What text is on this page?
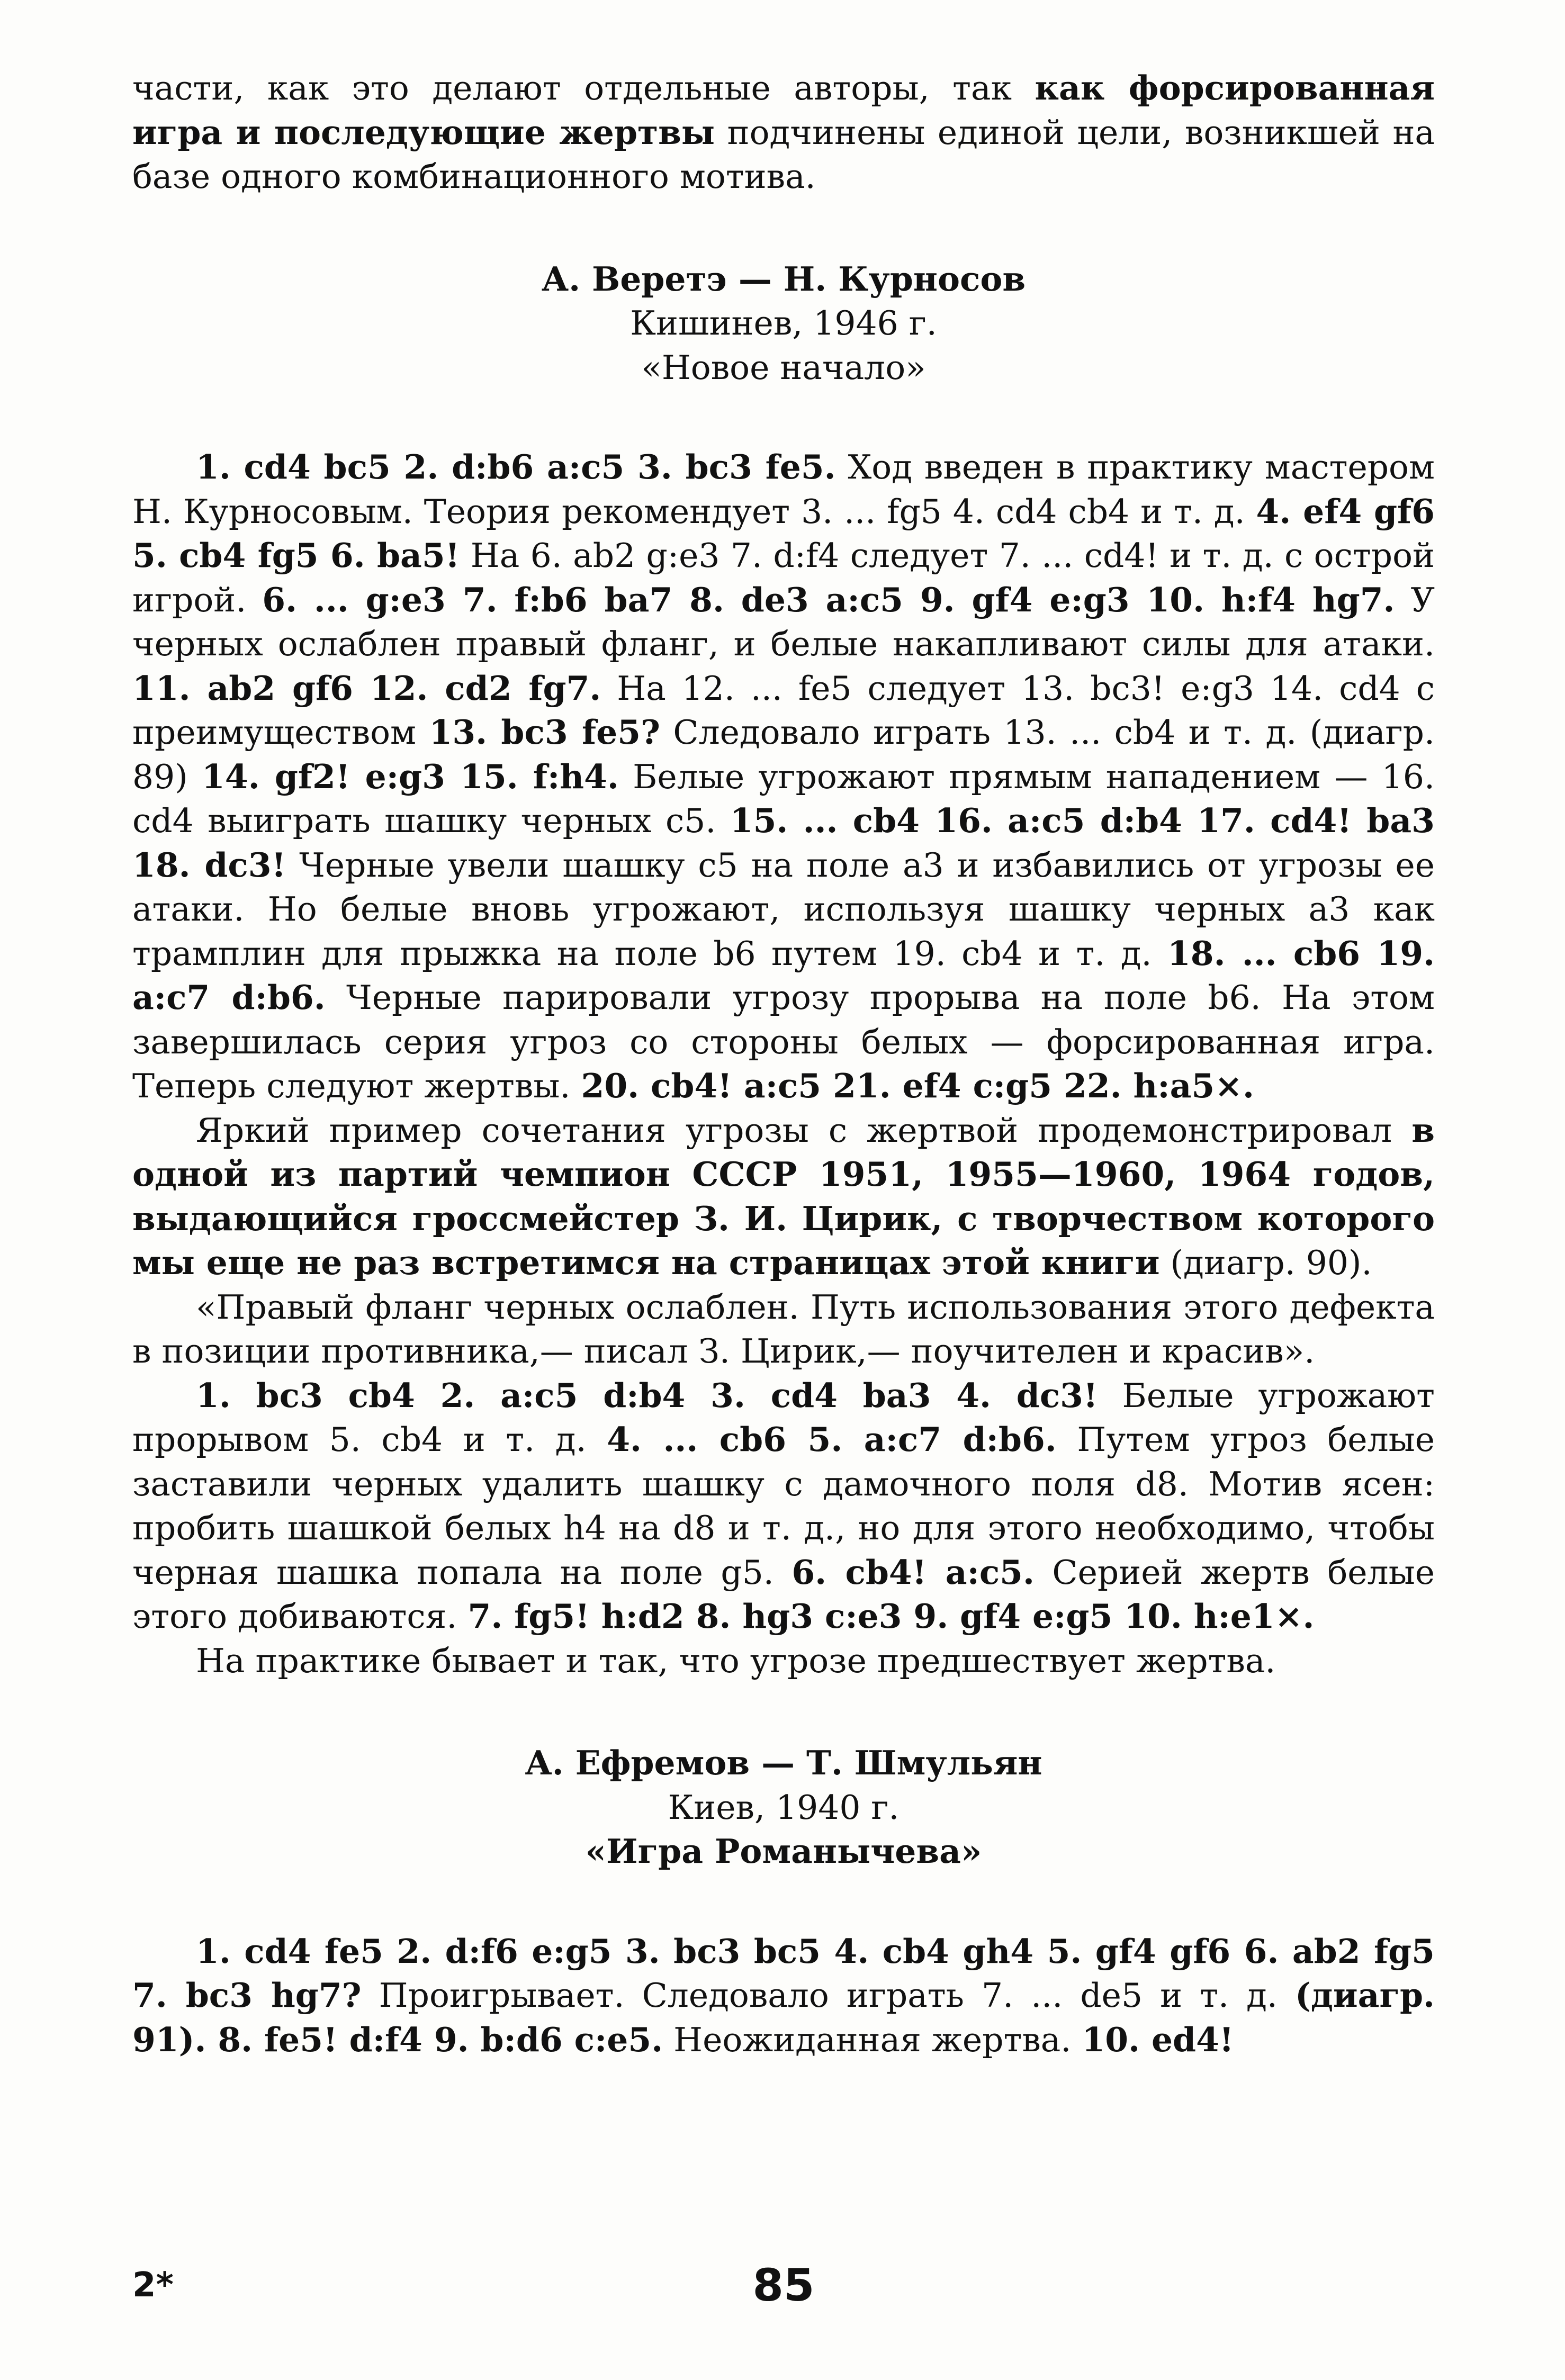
части, как это делают отдельные авторы, так как форсированная игра и последующие жертвы подчинены единой цели, возникшей на базе одного комбинационного мотива.

А. Веретэ — Н. Курносов

Кишинев, 1946 г.

«Новое начало»

1. cd4 bc5 2. d:b6 a:c5 3. bc3 fe5. Ход введен в практику мастером Н. Курносовым. Теория рекомендует 3. ... fg5 4. cd4 cb4 и т. д. 4. ef4 gf6 5. cb4 fg5 6. ba5! На 6. ab2 g:e3 7. d:f4 следует 7. ... cd4! и т. д. с острой игрой. 6. ... g:e3 7. f:b6 ba7 8. de3 a:c5 9. gf4 e:g3 10. h:f4 hg7. У черных ослаблен правый фланг, и белые накапливают силы для атаки. 11. ab2 gf6 12. cd2 fg7. На 12. ... fe5 следует 13. bc3! e:g3 14. cd4 с преимуществом 13. bc3 fe5? Следовало играть 13. ... cb4 и т. д. (диагр. 89) 14. gf2! e:g3 15. f:h4. Белые угрожают прямым нападением — 16. cd4 выиграть шашку черных c5. 15. ... cb4 16. a:c5 d:b4 17. cd4! ba3 18. dc3! Черные увели шашку c5 на поле a3 и избавились от угрозы ее атаки. Но белые вновь угрожают, используя шашку черных a3 как трамплин для прыжка на поле b6 путем 19. cb4 и т. д. 18. ... cb6 19. a:c7 d:b6. Черные парировали угрозу прорыва на поле b6. На этом завершилась серия угроз со стороны белых — форсированная игра. Теперь следуют жертвы. 20. cb4! a:c5 21. ef4 c:g5 22. h:a5×.

Яркий пример сочетания угрозы с жертвой продемонстрировал в одной из партий чемпион СССР 1951, 1955—1960, 1964 годов, выдающийся гроссмейстер З. И. Цирик, с творчеством которого мы еще не раз встретимся на страницах этой книги (диагр. 90).

«Правый фланг черных ослаблен. Путь использования этого дефекта в позиции противника,— писал З. Цирик,— поучителен и красив».

1. bc3 cb4 2. a:c5 d:b4 3. cd4 ba3 4. dc3! Белые угрожают прорывом 5. cb4 и т. д. 4. ... cb6 5. a:c7 d:b6. Путем угроз белые заставили черных удалить шашку с дамочного поля d8. Мотив ясен: пробить шашкой белых h4 на d8 и т. д., но для этого необходимо, чтобы черная шашка попала на поле g5. 6. cb4! a:c5. Серией жертв белые этого добиваются. 7. fg5! h:d2 8. hg3 c:e3 9. gf4 e:g5 10. h:e1×.

На практике бывает и так, что угрозе предшествует жертва.

А. Ефремов — Т. Шмульян

Киев, 1940 г.

«Игра Романычева»

1. cd4 fe5 2. d:f6 e:g5 3. bc3 bc5 4. cb4 gh4 5. gf4 gf6 6. ab2 fg5 7. bc3 hg7? Проигрывает. Следовало играть 7. ... de5 и т. д. (диагр. 91). 8. fe5! d:f4 9. b:d6 c:e5. Неожиданная жертва. 10. ed4!

2*	85
